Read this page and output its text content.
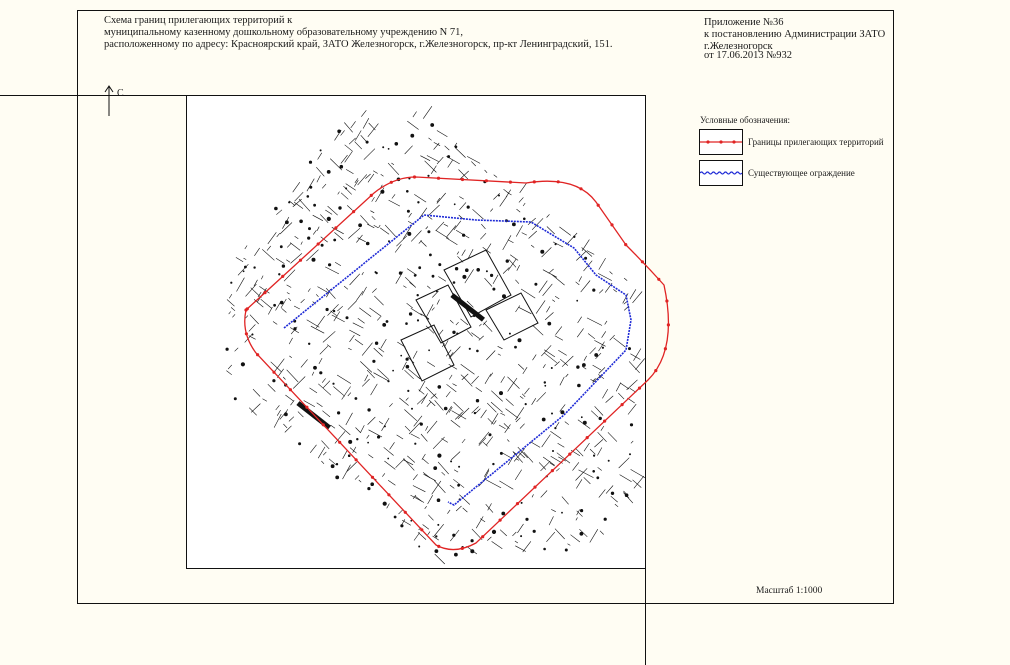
Схема границ прилегающих территорий к
муниципальному казенному дошкольному образовательному учреждению N 71,
расположенному по адресу: Красноярский край, ЗАТО Железногорск, г.Железногорск, пр-кт Ленинградский, 151.
Приложение №36
к постановлению Администрации ЗАТО
г.Железногорск
от 17.06.2013 №932
С
Условные обозначения:
Границы прилегающих территорий
Существующее ограждение
Масштаб 1:1000
